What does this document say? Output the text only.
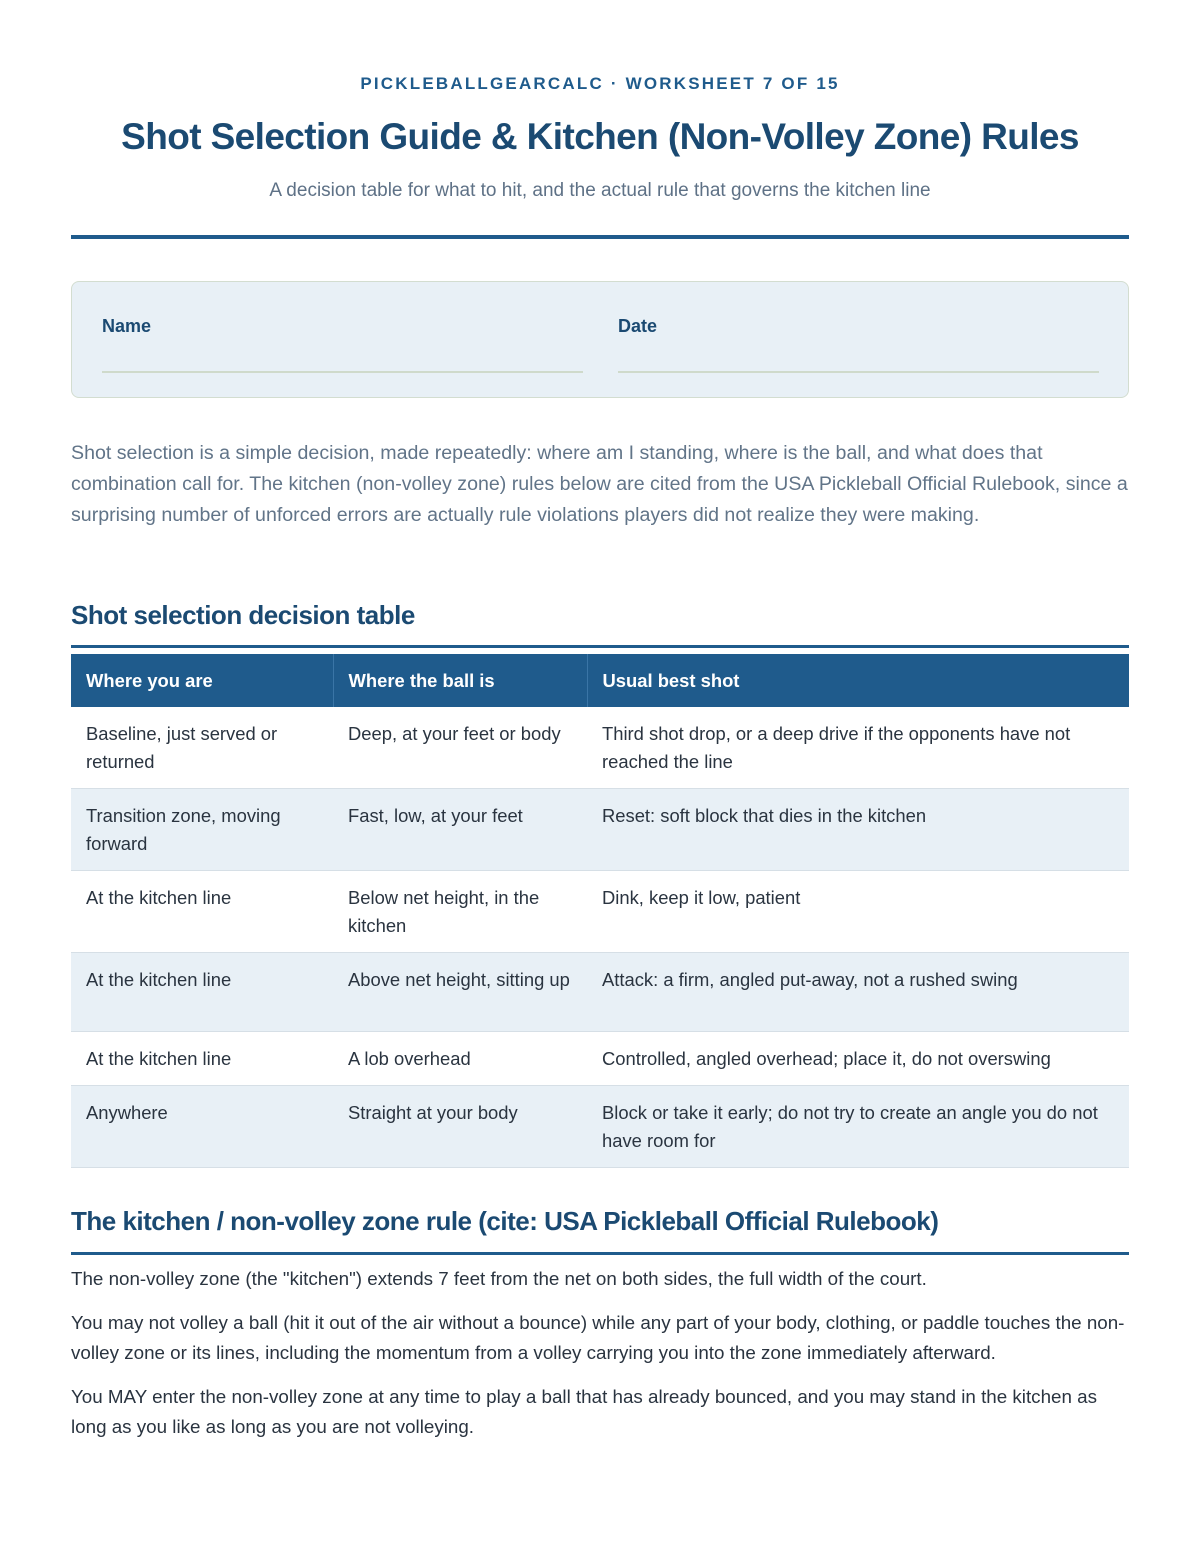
PICKLEBALLGEARCALC · WORKSHEET 7 OF 15
Shot Selection Guide & Kitchen (Non-Volley Zone) Rules
A decision table for what to hit, and the actual rule that governs the kitchen line
Name	Date

Shot selection is a simple decision, made repeatedly: where am I standing, where is the ball, and what does that combination call for. The kitchen (non-volley zone) rules below are cited from the USA Pickleball Official Rulebook, since a surprising number of unforced errors are actually rule violations players did not realize they were making.

Shot selection decision table
Where you are	Where the ball is	Usual best shot
Baseline, just served or returned	Deep, at your feet or body	Third shot drop, or a deep drive if the opponents have not reached the line
Transition zone, moving forward	Fast, low, at your feet	Reset: soft block that dies in the kitchen
At the kitchen line	Below net height, in the kitchen	Dink, keep it low, patient
At the kitchen line	Above net height, sitting up	Attack: a firm, angled put-away, not a rushed swing
At the kitchen line	A lob overhead	Controlled, angled overhead; place it, do not overswing
Anywhere	Straight at your body	Block or take it early; do not try to create an angle you do not have room for
The kitchen / non-volley zone rule (cite: USA Pickleball Official Rulebook)

The non-volley zone (the "kitchen") extends 7 feet from the net on both sides, the full width of the court.

You may not volley a ball (hit it out of the air without a bounce) while any part of your body, clothing, or paddle touches the non-volley zone or its lines, including the momentum from a volley carrying you into the zone immediately afterward.

You MAY enter the non-volley zone at any time to play a ball that has already bounced, and you may stand in the kitchen as long as you like as long as you are not volleying.
